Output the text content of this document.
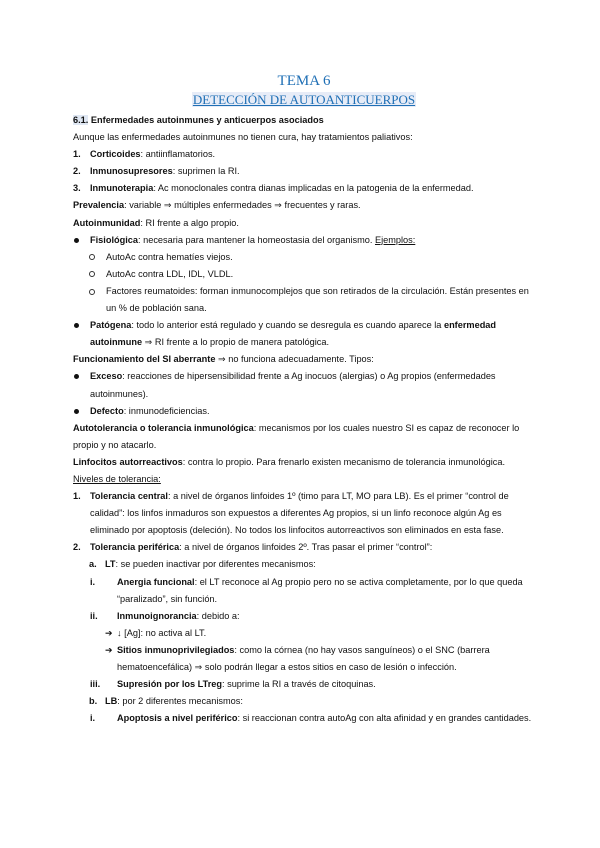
TEMA 6

DETECCIÓN DE AUTOANTICUERPOS

6.1. Enfermedades autoinmunes y anticuerpos asociados

Aunque las enfermedades autoinmunes no tienen cura, hay tratamientos paliativos:

1. Corticoides: antiinflamatorios.

2. Inmunosupresores: suprimen la RI.

3. Inmunoterapia: Ac monoclonales contra dianas implicadas en la patogenia de la enfermedad.

Prevalencia: variable ⇒ múltiples enfermedades ⇒ frecuentes y raras.

Autoinmunidad: RI frente a algo propio.

Fisiológica: necesaria para mantener la homeostasia del organismo. Ejemplos:

AutoAc contra hematíes viejos.

AutoAc contra LDL, IDL, VLDL.

Factores reumatoides: forman inmunocomplejos que son retirados de la circulación. Están presentes en un % de población sana.

Patógena: todo lo anterior está regulado y cuando se desregula es cuando aparece la enfermedad autoinmune ⇒ RI frente a lo propio de manera patológica.

Funcionamiento del SI aberrante ⇒ no funciona adecuadamente. Tipos:

Exceso: reacciones de hipersensibilidad frente a Ag inocuos (alergias) o Ag propios (enfermedades autoinmunes).

Defecto: inmunodeficiencias.

Autotolerancia o tolerancia inmunológica: mecanismos por los cuales nuestro SI es capaz de reconocer lo propio y no atacarlo.

Linfocitos autorreactivos: contra lo propio. Para frenarlo existen mecanismo de tolerancia inmunológica.

Niveles de tolerancia:

1. Tolerancia central: a nivel de órganos linfoides 1º (timo para LT, MO para LB). Es el primer “control de calidad”: los linfos inmaduros son expuestos a diferentes Ag propios, si un linfo reconoce algún Ag es eliminado por apoptosis (deleción). No todos los linfocitos autorreactivos son eliminados en esta fase.

2. Tolerancia periférica: a nivel de órganos linfoides 2º. Tras pasar el primer “control”:

a. LT: se pueden inactivar por diferentes mecanismos:

i. Anergia funcional: el LT reconoce al Ag propio pero no se activa completamente, por lo que queda “paralizado”, sin función.

ii. Inmunoignorancia: debido a:

➔ ↓ [Ag]: no activa al LT.

➔ Sitios inmunoprivilegiados: como la córnea (no hay vasos sanguíneos) o el SNC (barrera hematoencefálica) ⇒ solo podrán llegar a estos sitios en caso de lesión o infección.

iii. Supresión por los LTreg: suprime la RI a través de citoquinas.

b. LB: por 2 diferentes mecanismos:

i. Apoptosis a nivel periférico: si reaccionan contra autoAg con alta afinidad y en grandes cantidades.
